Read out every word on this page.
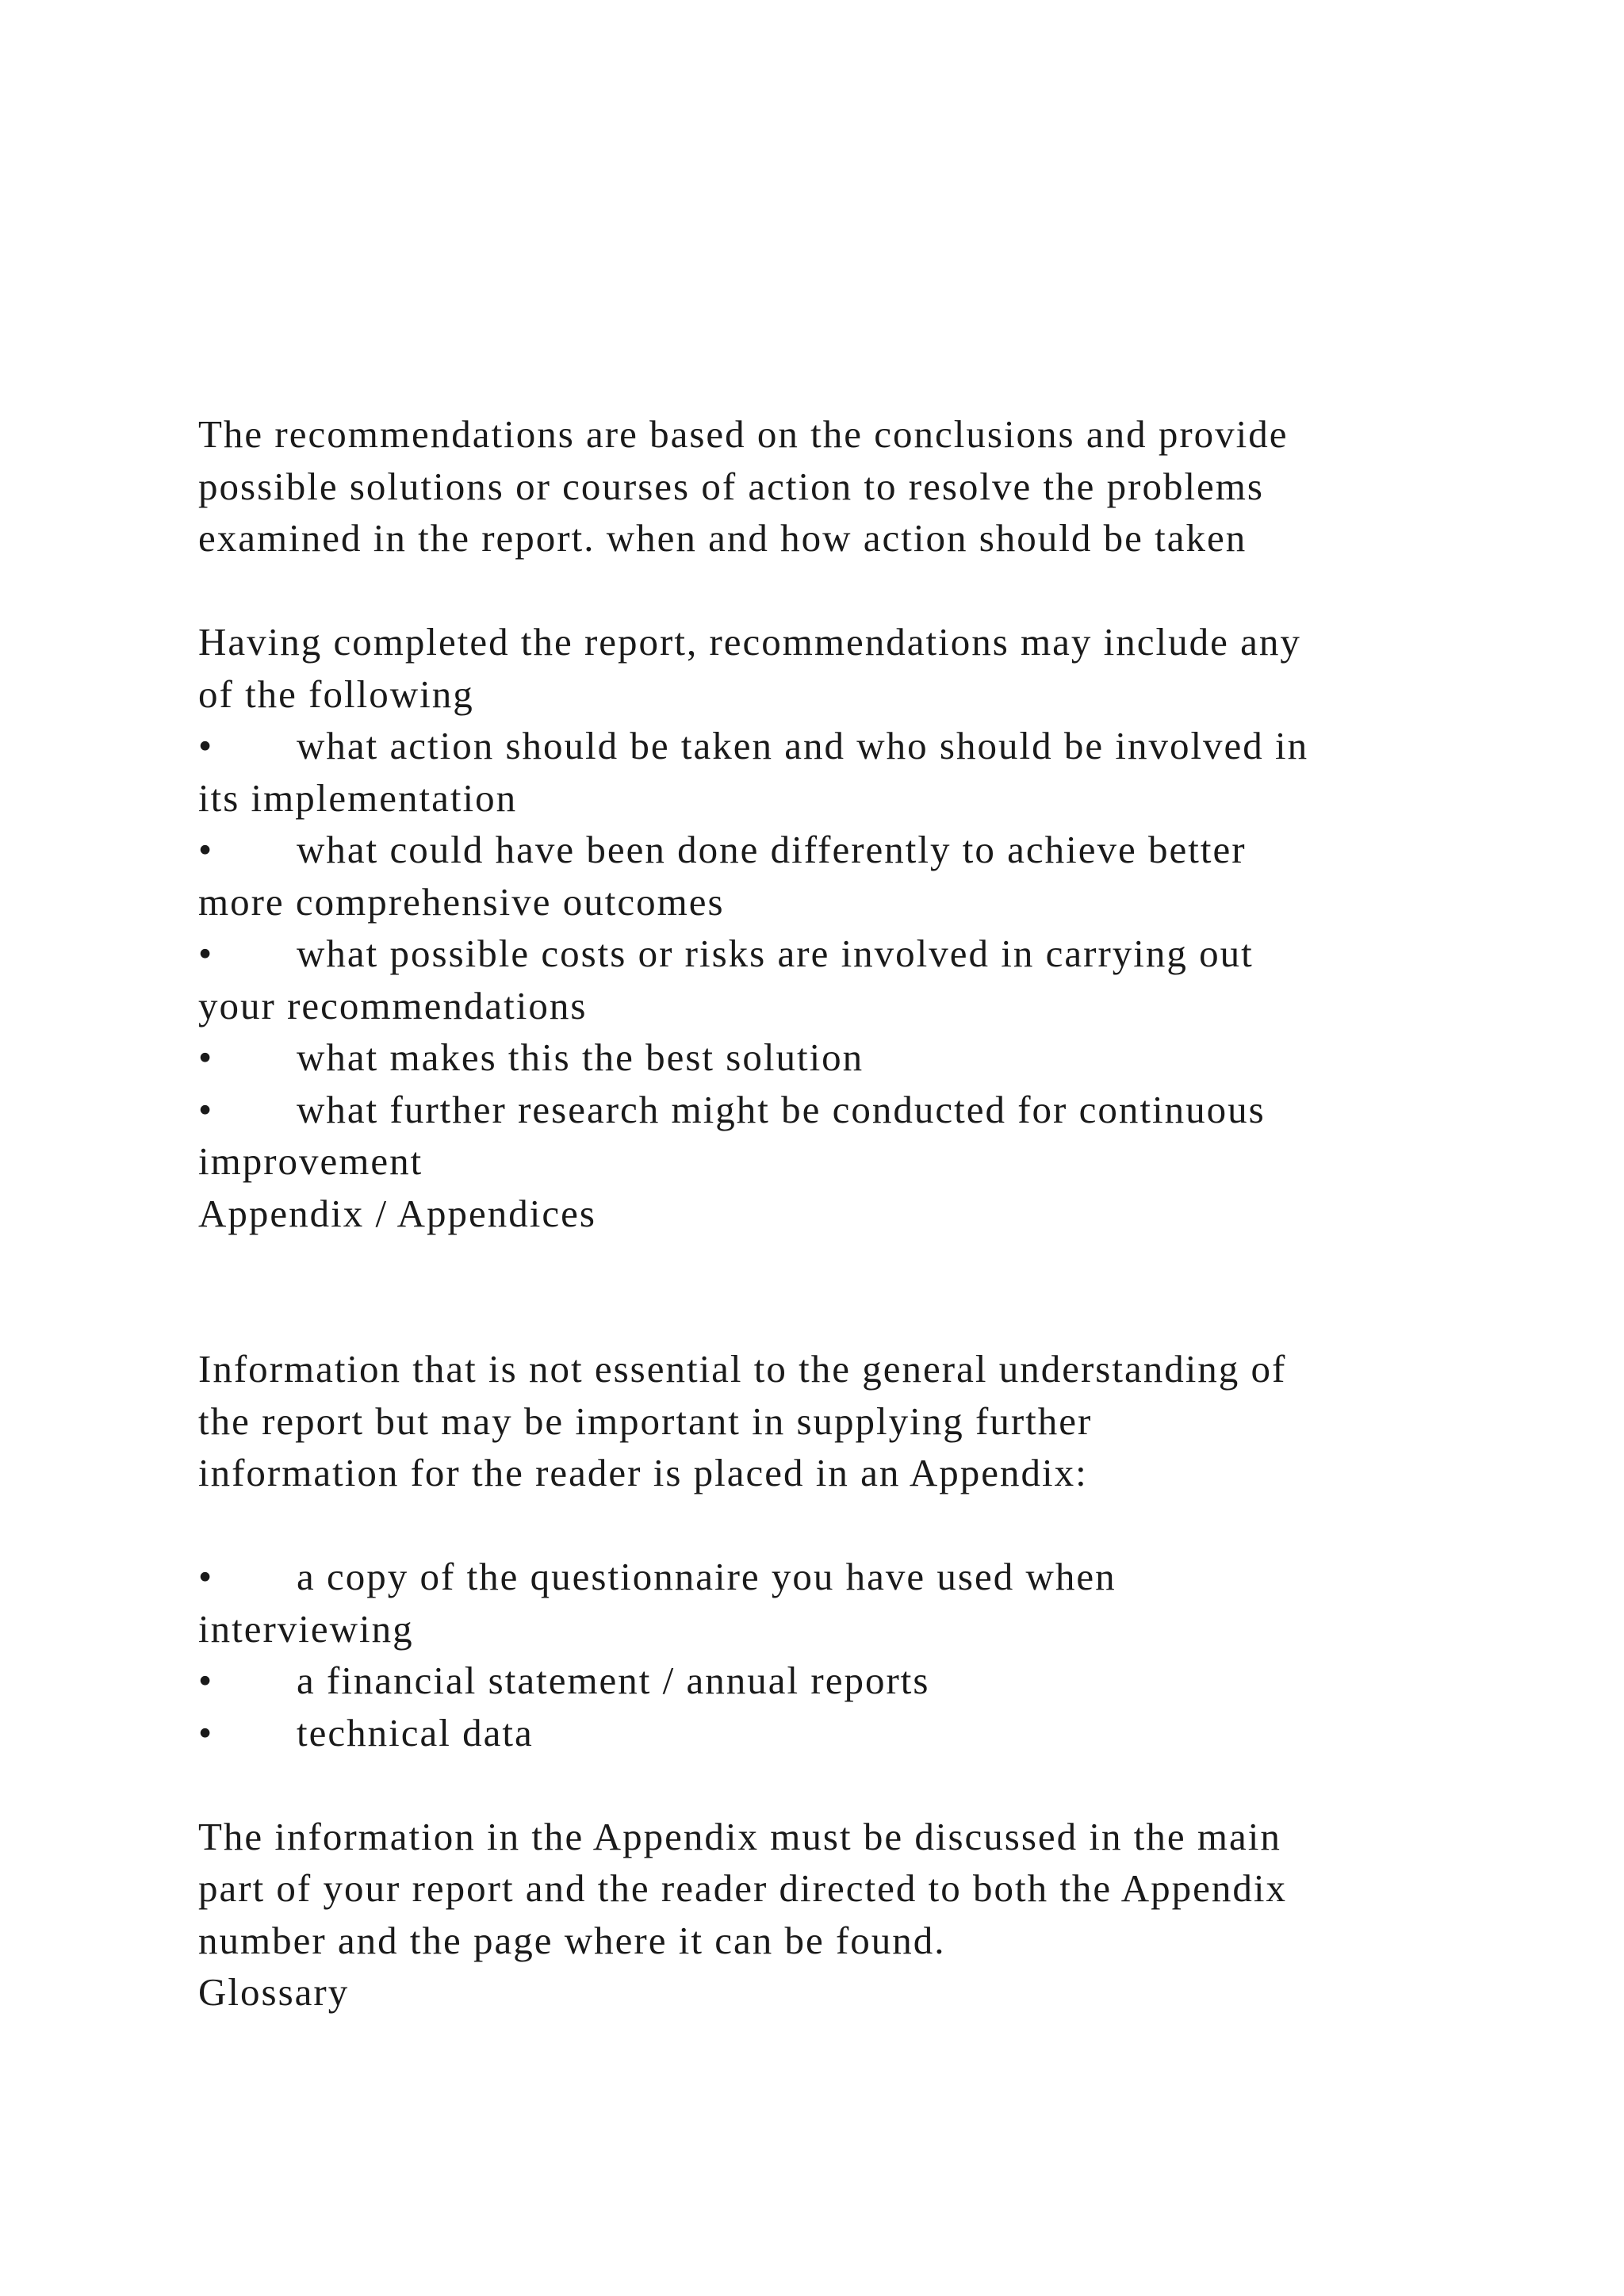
The recommendations are based on the conclusions and provide
possible solutions or courses of action to resolve the problems
examined in the report. when and how action should be taken
Having completed the report, recommendations may include any
of the following
• what action should be taken and who should be involved in
its implementation
• what could have been done differently to achieve better
more comprehensive outcomes
• what possible costs or risks are involved in carrying out
your recommendations
• what makes this the best solution
• what further research might be conducted for continuous
improvement
Appendix / Appendices
Information that is not essential to the general understanding of
the report but may be important in supplying further
information for the reader is placed in an Appendix:
• a copy of the questionnaire you have used when
interviewing
• a financial statement / annual reports
• technical data
The information in the Appendix must be discussed in the main
part of your report and the reader directed to both the Appendix
number and the page where it can be found.
Glossary
